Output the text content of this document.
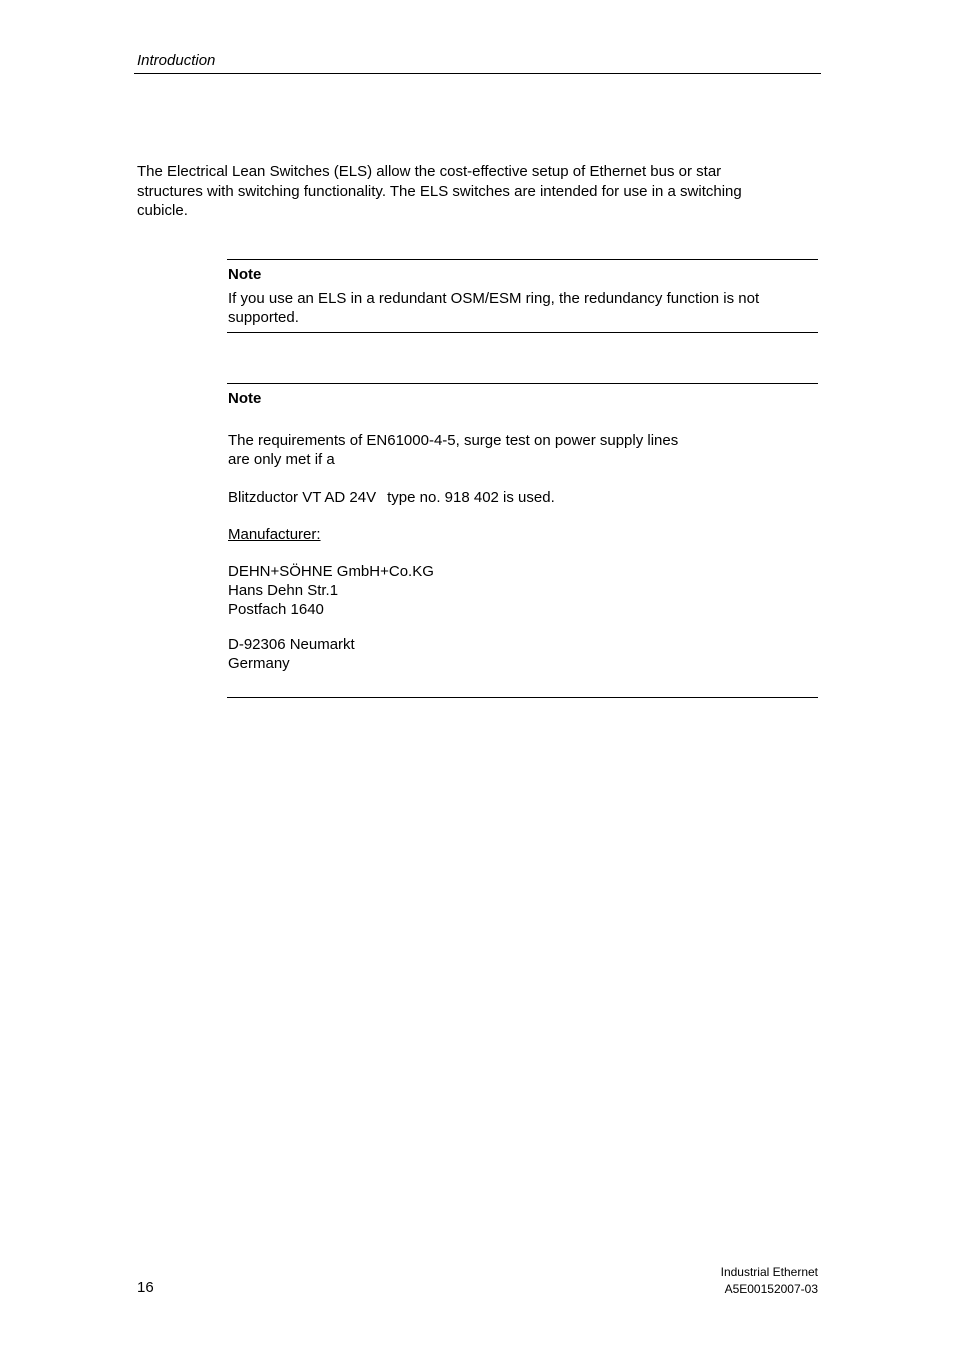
Introduction
The Electrical Lean Switches (ELS) allow the cost-effective setup of Ethernet bus or star
structures with switching functionality. The ELS switches are intended for use in a switching
cubicle.

Note

If you use an ELS in a redundant OSM/ESM ring, the redundancy function is not
supported.

Note

The requirements of EN61000-4-5, surge test on power supply lines
are only met if a

Blitzductor VT AD 24V type no. 918 402 is used.

Manufacturer:

DEHN+SÖHNE GmbH+Co.KG
Hans Dehn Str.1
Postfach 1640

D-92306 Neumarkt
Germany

16
Industrial Ethernet
A5E00152007-03
